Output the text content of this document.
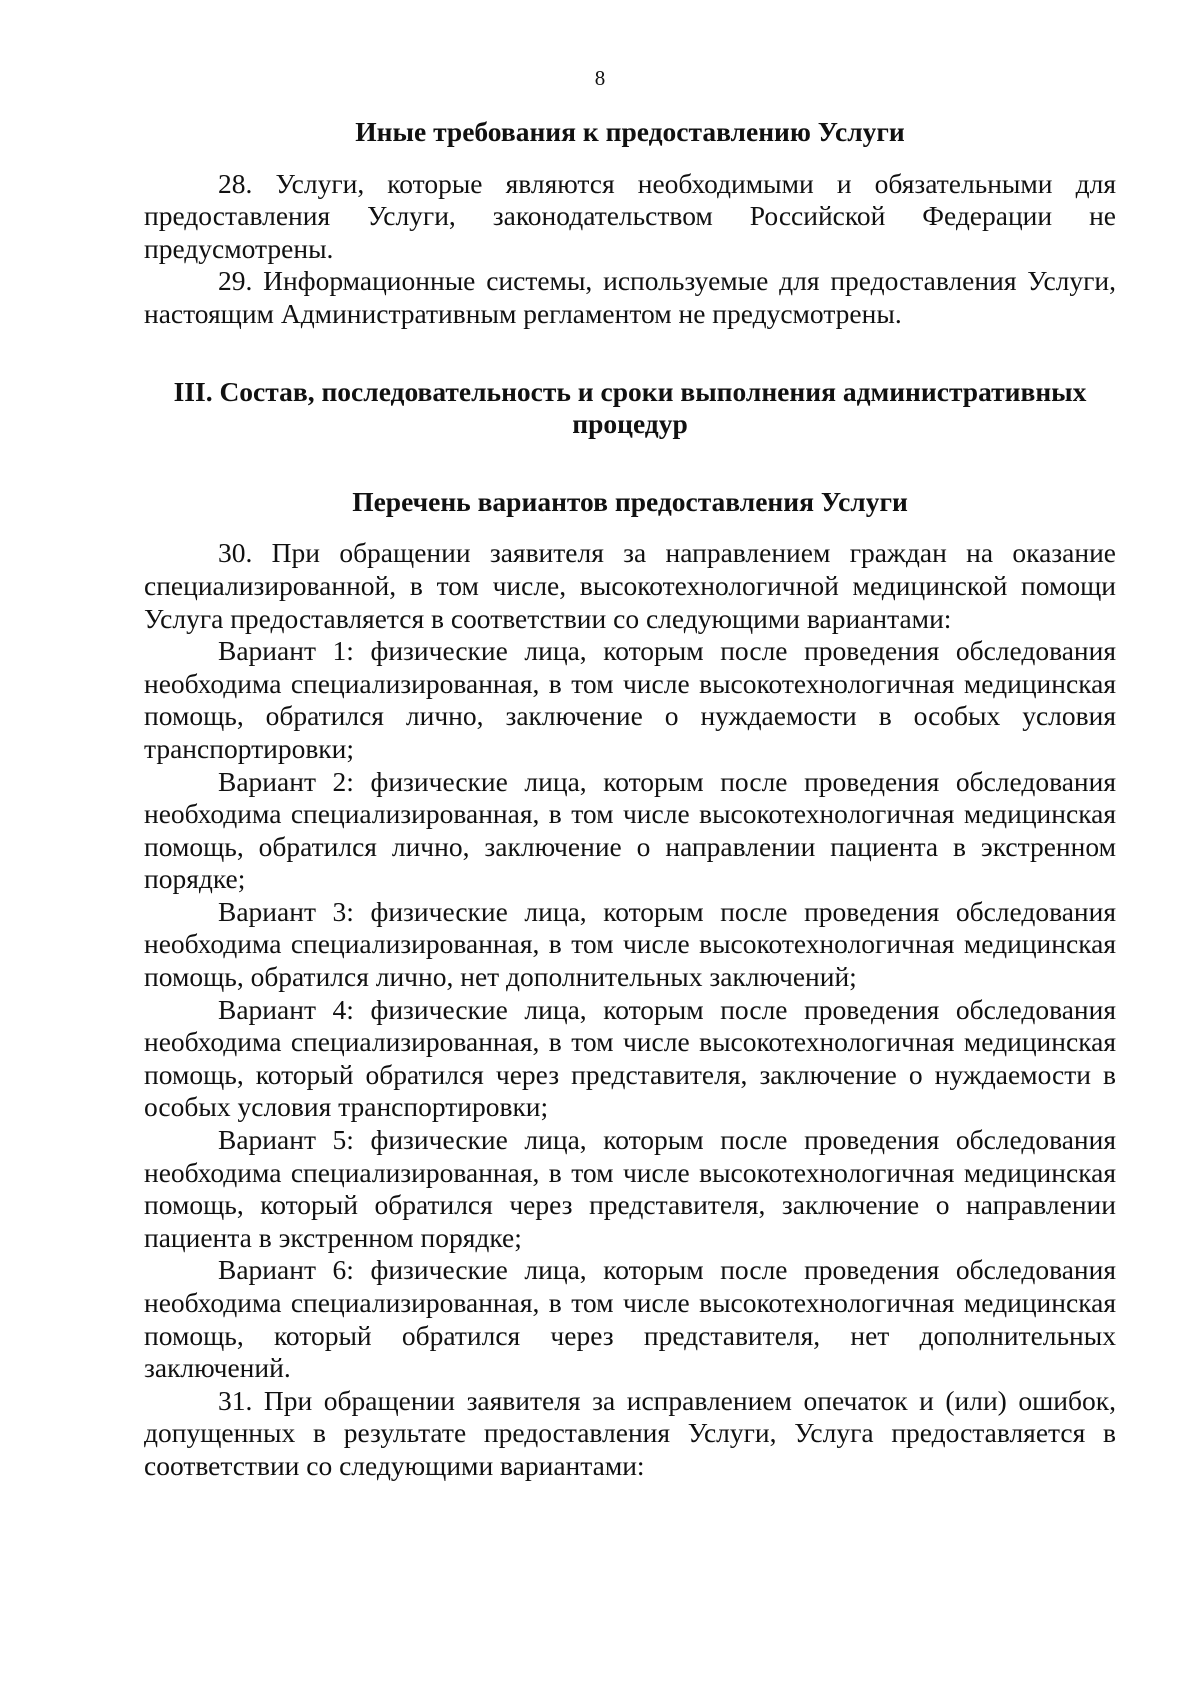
8

Иные требования к предоставлению Услуги

28. Услуги, которые являются необходимыми и обязательными для предоставления Услуги, законодательством Российской Федерации не предусмотрены.

29. Информационные системы, используемые для предоставления Услуги, настоящим Административным регламентом не предусмотрены.

III. Состав, последовательность и сроки выполнения административных процедур

Перечень вариантов предоставления Услуги

30. При обращении заявителя за направлением граждан на оказание специализированной, в том числе, высокотехнологичной медицинской помощи Услуга предоставляется в соответствии со следующими вариантами:

Вариант 1: физические лица, которым после проведения обследования необходима специализированная, в том числе высокотехнологичная медицинская помощь, обратился лично, заключение о нуждаемости в особых условия транспортировки;

Вариант 2: физические лица, которым после проведения обследования необходима специализированная, в том числе высокотехнологичная медицинская помощь, обратился лично, заключение о направлении пациента в экстренном порядке;

Вариант 3: физические лица, которым после проведения обследования необходима специализированная, в том числе высокотехнологичная медицинская помощь, обратился лично, нет дополнительных заключений;

Вариант 4: физические лица, которым после проведения обследования необходима специализированная, в том числе высокотехнологичная медицинская помощь, который обратился через представителя, заключение о нуждаемости в особых условия транспортировки;

Вариант 5: физические лица, которым после проведения обследования необходима специализированная, в том числе высокотехнологичная медицинская помощь, который обратился через представителя, заключение о направлении пациента в экстренном порядке;

Вариант 6: физические лица, которым после проведения обследования необходима специализированная, в том числе высокотехнологичная медицинская помощь, который обратился через представителя, нет дополнительных заключений.

31. При обращении заявителя за исправлением опечаток и (или) ошибок, допущенных в результате предоставления Услуги, Услуга предоставляется в соответствии со следующими вариантами:
